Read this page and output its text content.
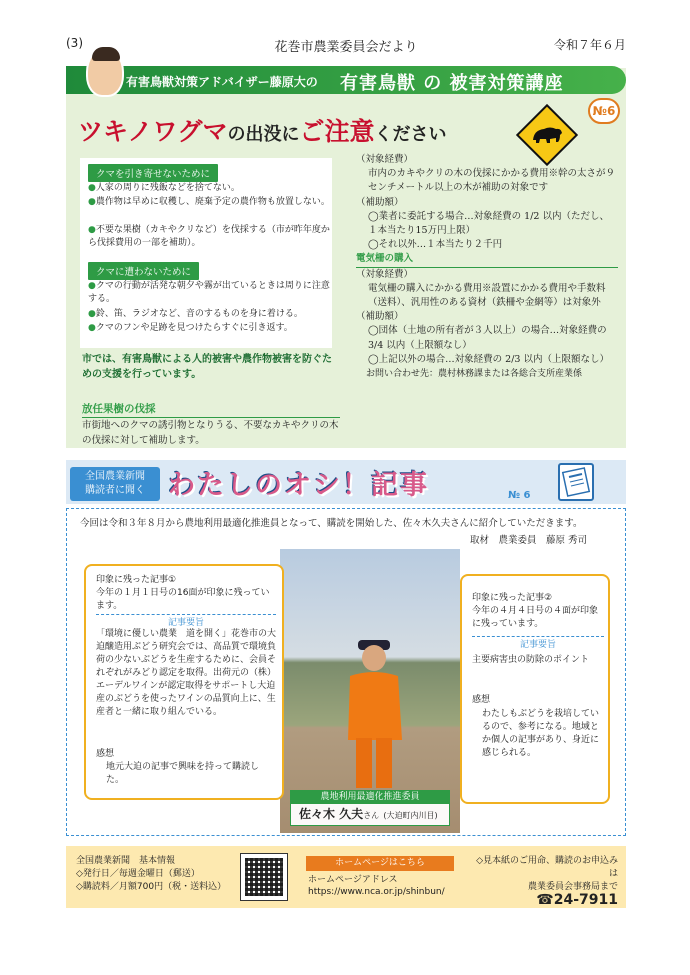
(3)	花巻市農業委員会だより	令和７年６月
有害鳥獣対策アドバイザー藤原大の 有害鳥獣 の 被害対策講座
№6
ツキノワグマの出没にご注意ください
クマを引き寄せないために
●人家の周りに残飯などを捨てない。
●農作物は早めに収穫し、廃棄予定の農作物も放置しない。
●不要な果樹（カキやクリなど）を伐採する（市が昨年度から伐採費用の一部を補助）。
クマに遭わないために
●クマの行動が活発な朝夕や霧が出ているときは周りに注意する。
●鈴、笛、ラジオなど、音のするものを身に着ける。
●クマのフンや足跡を見つけたらすぐに引き返す。
市では、有害鳥獣による人的被害や農作物被害を防ぐための支援を行っています。
放任果樹の伐採
市街地へのクマの誘引物となりうる、不要なカキやクリの木の伐採に対して補助します。
（対象経費）
市内のカキやクリの木の伐採にかかる費用※幹の太さが９センチメートル以上の木が補助の対象です
（補助額）
◯業者に委託する場合…対象経費の 1/2 以内（ただし、１本当たり15万円上限）
◯それ以外…１本当たり２千円
電気柵の購入
（対象経費）
電気柵の購入にかかる費用※設置にかかる費用や手数料（送料）、汎用性のある資材（鉄柵や金網等）は対象外
（補助額）
◯団体（土地の所有者が３人以上）の場合…対象経費の 3/4 以内（上限額なし）
◯上記以外の場合…対象経費の 2/3 以内（上限額なし）
お問い合わせ先：農村林務課または各総合支所産業係
全国農業新聞
購読者に聞く わたしのオシ！記事	№ 6
今回は令和３年８月から農地利用最適化推進員となって、購読を開始した、佐々木久夫さんに紹介していただきます。
取材　農業委員　藤原 秀司
農地利用最適化推進委員
佐々木 久夫さん (大迫町内川目)
印象に残った記事①
今年の１月１日号の16面が印象に残っています。
記事要旨
「環境に優しい農業　道を開く」花巻市の大迫醸造用ぶどう研究会では、高品質で環境負荷の少ないぶどうを生産するために、会員それぞれがみどり認定を取得。出荷元の（株）エーデルワインが認定取得をサポートし大迫産のぶどうを使ったワインの品質向上に、生産者と一緒に取り組んでいる。
感想
地元大迫の記事で興味を持って購読した。
印象に残った記事②
今年の４月４日号の４面が印象に残っています。
記事要旨
主要病害虫の防除のポイント
感想
わたしもぶどうを栽培しているので、参考になる。地域とか個人の記事があり、身近に感じられる。
全国農業新聞　基本情報
◇発行日／毎週金曜日（郵送）
◇購読料／月額700円（税・送料込）
ホームページはこちら
ホームページアドレス
https://www.nca.or.jp/shinbun/
◇見本紙のご用命、購読のお申込みは
農業委員会事務局まで
☎24-7911
